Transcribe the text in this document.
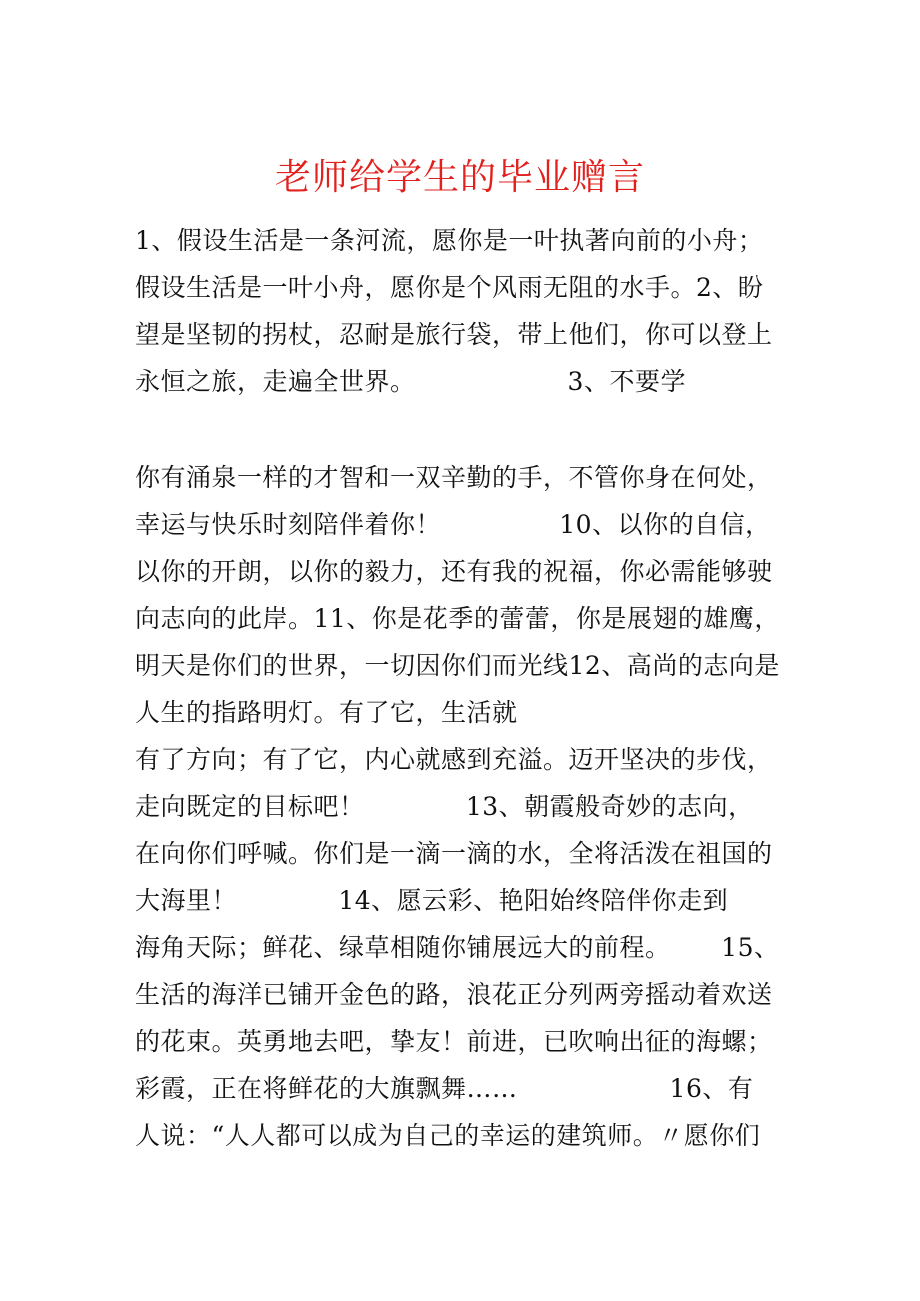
老师给学生的毕业赠言

1、假设生活是一条河流，愿你是一叶执著向前的小舟；

假设生活是一叶小舟，愿你是个风雨无阻的水手。2、盼

望是坚韧的拐杖，忍耐是旅行袋，带上他们，你可以登上

永恒之旅，走遍全世界。                  3、不要学

你有涌泉一样的才智和一双辛勤的手，不管你身在何处，

幸运与快乐时刻陪伴着你！              10、以你的自信，

以你的开朗，以你的毅力，还有我的祝福，你必需能够驶

向志向的此岸。11、你是花季的蕾蕾，你是展翅的雄鹰，

明天是你们的世界，一切因你们而光线12、高尚的志向是

人生的指路明灯。有了它，生活就

有了方向；有了它，内心就感到充溢。迈开坚决的步伐，

走向既定的目标吧！            13、朝霞般奇妙的志向，

在向你们呼喊。你们是一滴一滴的水，全将活泼在祖国的

大海里！            14、愿云彩、艳阳始终陪伴你走到

海角天际；鲜花、绿草相随你铺展远大的前程。      15、

生活的海洋已铺开金色的路，浪花正分列两旁摇动着欢送

的花束。英勇地去吧，挚友！前进，已吹响出征的海螺；

彩霞，正在将鲜花的大旗飘舞……                  16、有

人说：“人人都可以成为自己的幸运的建筑师。〃愿你们
